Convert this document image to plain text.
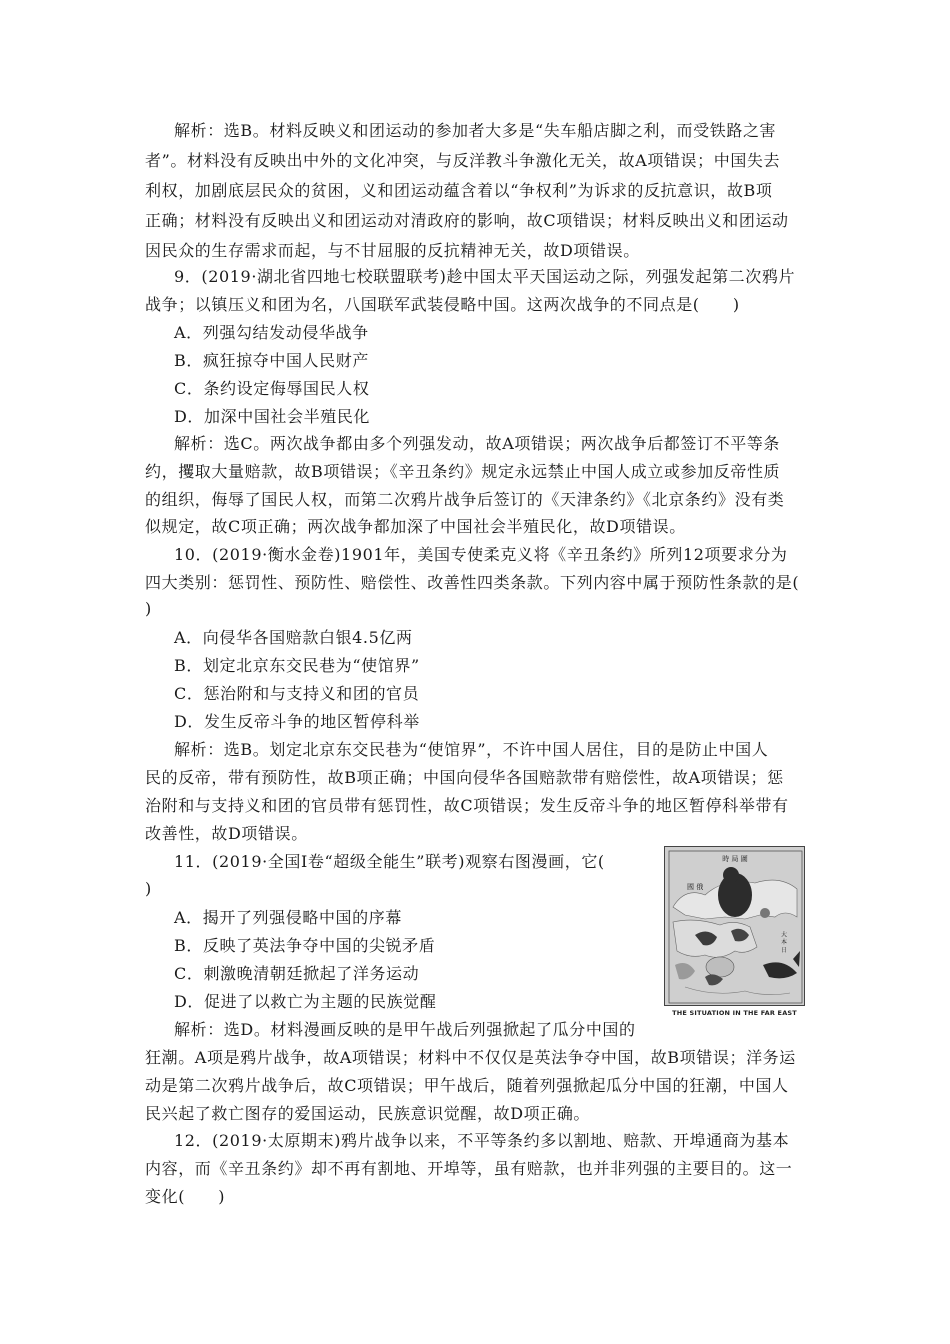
解析：选B。材料反映义和团运动的参加者大多是“失车船店脚之利，而受铁路之害
者”。材料没有反映出中外的文化冲突，与反洋教斗争激化无关，故A项错误；中国失去
利权，加剧底层民众的贫困，义和团运动蕴含着以“争权利”为诉求的反抗意识，故B项
正确；材料没有反映出义和团运动对清政府的影响，故C项错误；材料反映出义和团运动
因民众的生存需求而起，与不甘屈服的反抗精神无关，故D项错误。
9．(2019·湖北省四地七校联盟联考)趁中国太平天国运动之际，列强发起第二次鸦片
战争；以镇压义和团为名，八国联军武装侵略中国。这两次战争的不同点是(　　)
A．列强勾结发动侵华战争
B．疯狂掠夺中国人民财产
C．条约设定侮辱国民人权
D．加深中国社会半殖民化
解析：选C。两次战争都由多个列强发动，故A项错误；两次战争后都签订不平等条
约，攫取大量赔款，故B项错误；《辛丑条约》规定永远禁止中国人成立或参加反帝性质
的组织，侮辱了国民人权，而第二次鸦片战争后签订的《天津条约》《北京条约》没有类
似规定，故C项正确；两次战争都加深了中国社会半殖民化，故D项错误。
10．(2019·衡水金卷)1901年，美国专使柔克义将《辛丑条约》所列12项要求分为
四大类别：惩罚性、预防性、赔偿性、改善性四类条款。下列内容中属于预防性条款的是(
)
A．向侵华各国赔款白银4.5亿两
B．划定北京东交民巷为“使馆界”
C．惩治附和与支持义和团的官员
D．发生反帝斗争的地区暂停科举
解析：选B。划定北京东交民巷为“使馆界”，不许中国人居住，目的是防止中国人
民的反帝，带有预防性，故B项正确；中国向侵华各国赔款带有赔偿性，故A项错误；惩
治附和与支持义和团的官员带有惩罚性，故C项错误；发生反帝斗争的地区暂停科举带有
改善性，故D项错误。
11．(2019·全国Ⅰ卷“超级全能生”联考)观察右图漫画，它(
)
A．揭开了列强侵略中国的序幕
B．反映了英法争夺中国的尖锐矛盾
C．刺激晚清朝廷掀起了洋务运动
D．促进了以救亡为主题的民族觉醒
解析：选D。材料漫画反映的是甲午战后列强掀起了瓜分中国的
狂潮。A项是鸦片战争，故A项错误；材料中不仅仅是英法争夺中国，故B项错误；洋务运
动是第二次鸦片战争后，故C项错误；甲午战后，随着列强掀起瓜分中国的狂潮，中国人
民兴起了救亡图存的爱国运动，民族意识觉醒，故D项正确。
12．(2019·太原期末)鸦片战争以来，不平等条约多以割地、赔款、开埠通商为基本
内容，而《辛丑条约》却不再有割地、开埠等，虽有赔款，也并非列强的主要目的。这一
变化(　　)
時 局 圖
國 俄
大 本 日
THE SITUATION IN THE FAR EAST
